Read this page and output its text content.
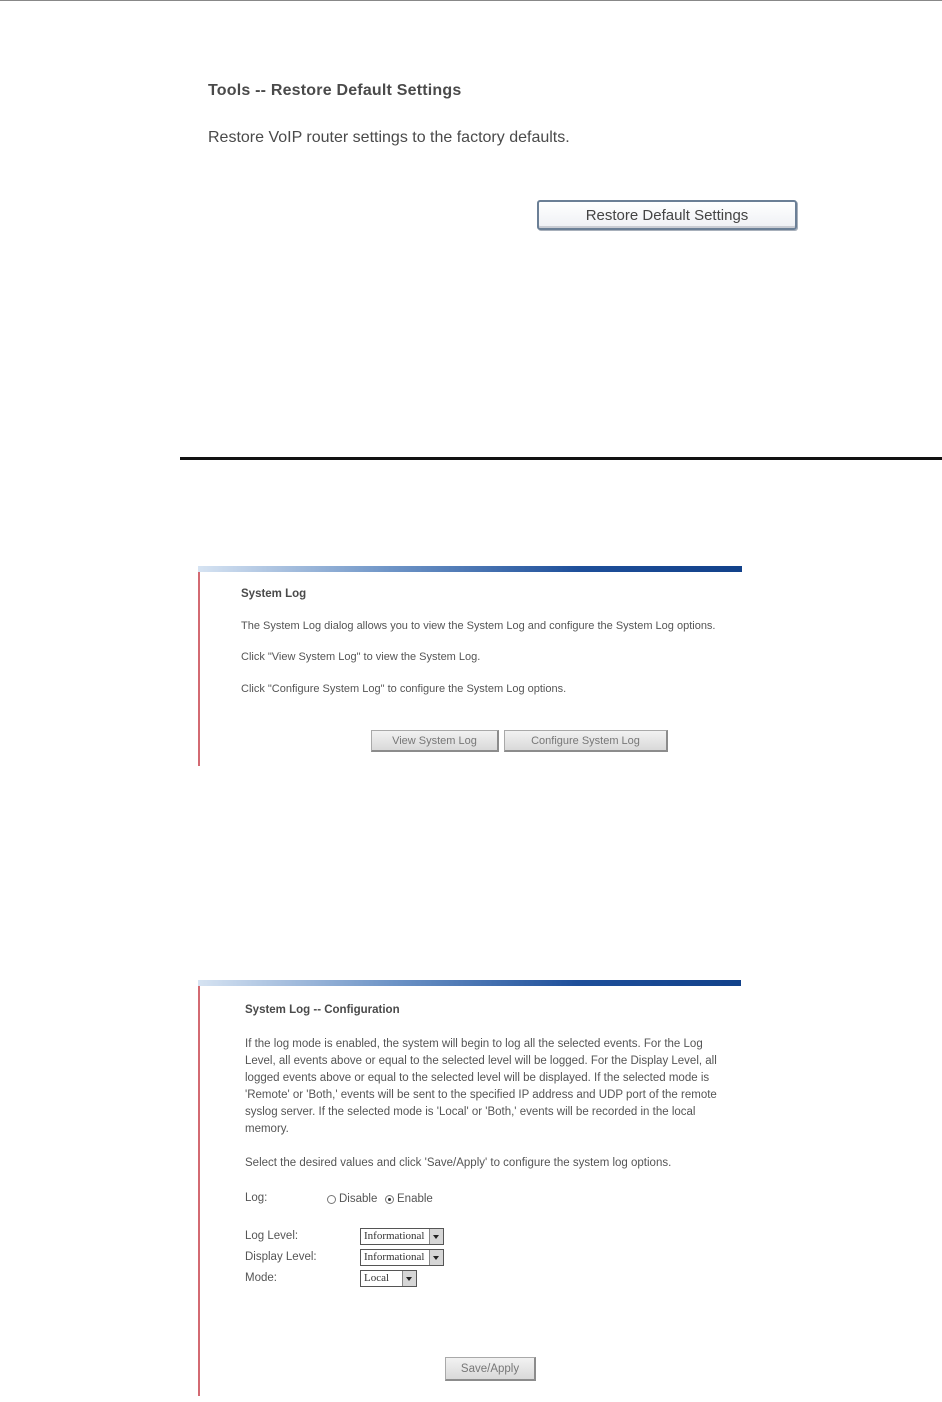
Tools -- Restore Default Settings
Restore VoIP router settings to the factory defaults.
Restore Default Settings
System Log
The System Log dialog allows you to view the System Log and configure the System Log options.
Click "View System Log" to view the System Log.
Click "Configure System Log" to configure the System Log options.
View System Log	Configure System Log
System Log -- Configuration
If the log mode is enabled, the system will begin to log all the selected events. For the Log Level, all events above or equal to the selected level will be logged. For the Display Level, all logged events above or equal to the selected level will be displayed. If the selected mode is 'Remote' or 'Both,' events will be sent to the specified IP address and UDP port of the remote syslog server. If the selected mode is 'Local' or 'Both,' events will be recorded in the local memory.
Select the desired values and click 'Save/Apply' to configure the system log options.
Log:	Disable Enable
Log Level:	Informational
Display Level:	Informational
Mode:	Local
Save/Apply
